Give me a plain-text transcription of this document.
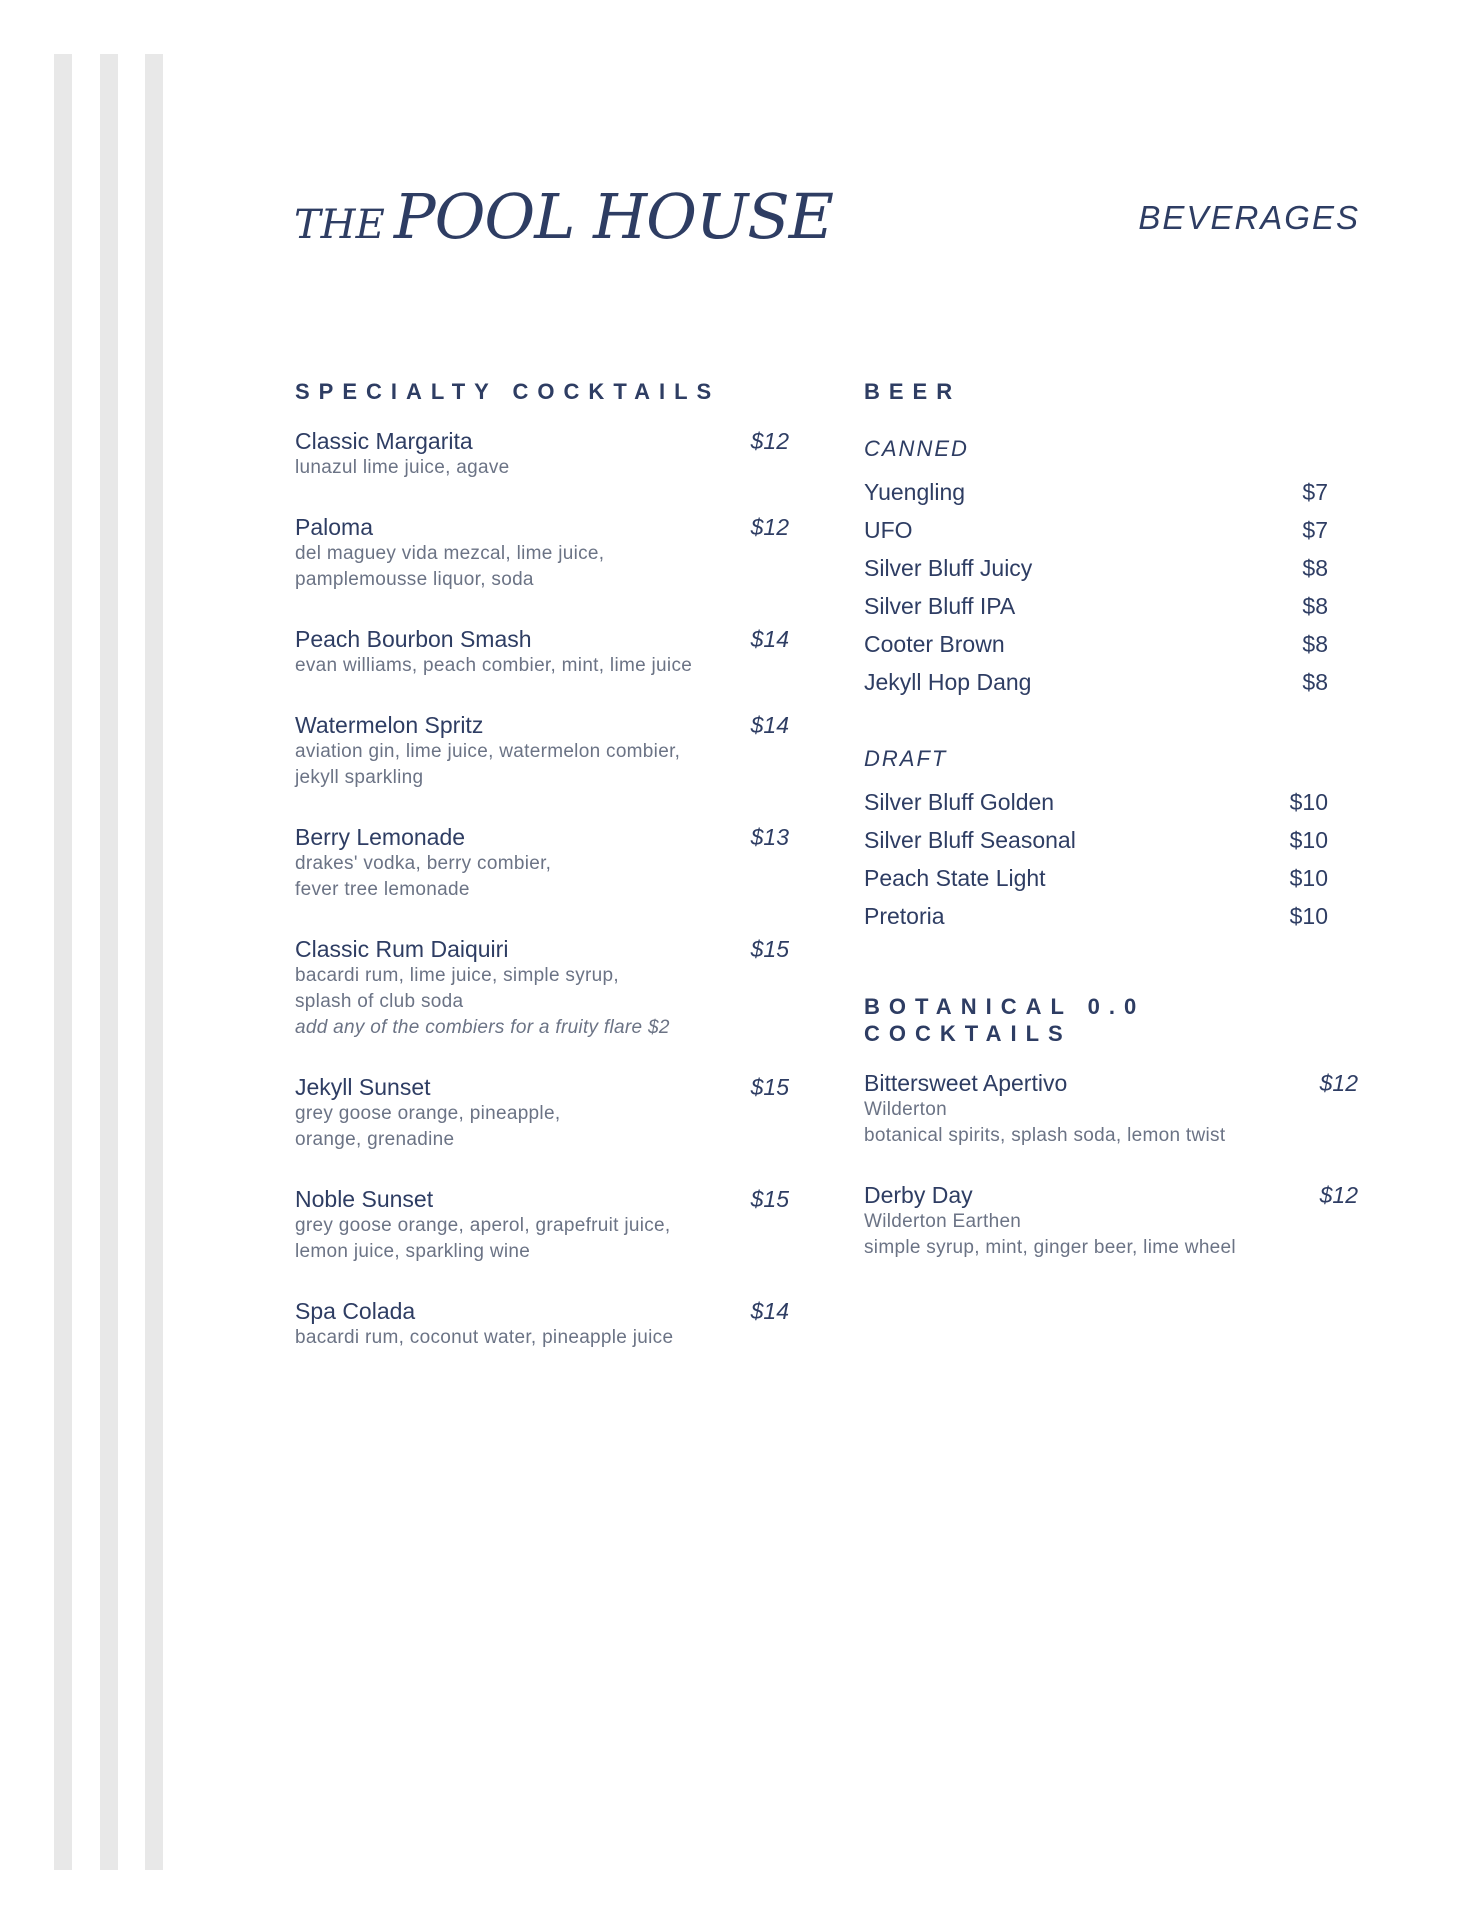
THE POOL HOUSE	BEVERAGES
SPECIALTY COCKTAILS
Classic Margarita	$12
lunazul lime juice, agave
Paloma	$12
del maguey vida mezcal, lime juice,
pamplemousse liquor, soda
Peach Bourbon Smash	$14
evan williams, peach combier, mint, lime juice
Watermelon Spritz	$14
aviation gin, lime juice, watermelon combier,
jekyll sparkling
Berry Lemonade	$13
drakes' vodka, berry combier,
fever tree lemonade
Classic Rum Daiquiri	$15
bacardi rum, lime juice, simple syrup,
splash of club soda
add any of the combiers for a fruity flare $2
Jekyll Sunset	$15
grey goose orange, pineapple,
orange, grenadine
Noble Sunset	$15
grey goose orange, aperol, grapefruit juice,
lemon juice, sparkling wine
Spa Colada	$14
bacardi rum, coconut water, pineapple juice
BEER
CANNED
Yuengling	$7
UFO	$7
Silver Bluff Juicy	$8
Silver Bluff IPA	$8
Cooter Brown	$8
Jekyll Hop Dang	$8
DRAFT
Silver Bluff Golden	$10
Silver Bluff Seasonal	$10
Peach State Light	$10
Pretoria	$10
BOTANICAL 0.0
COCKTAILS
Bittersweet Apertivo	$12
Wilderton
botanical spirits, splash soda, lemon twist
Derby Day	$12
Wilderton Earthen
simple syrup, mint, ginger beer, lime wheel
